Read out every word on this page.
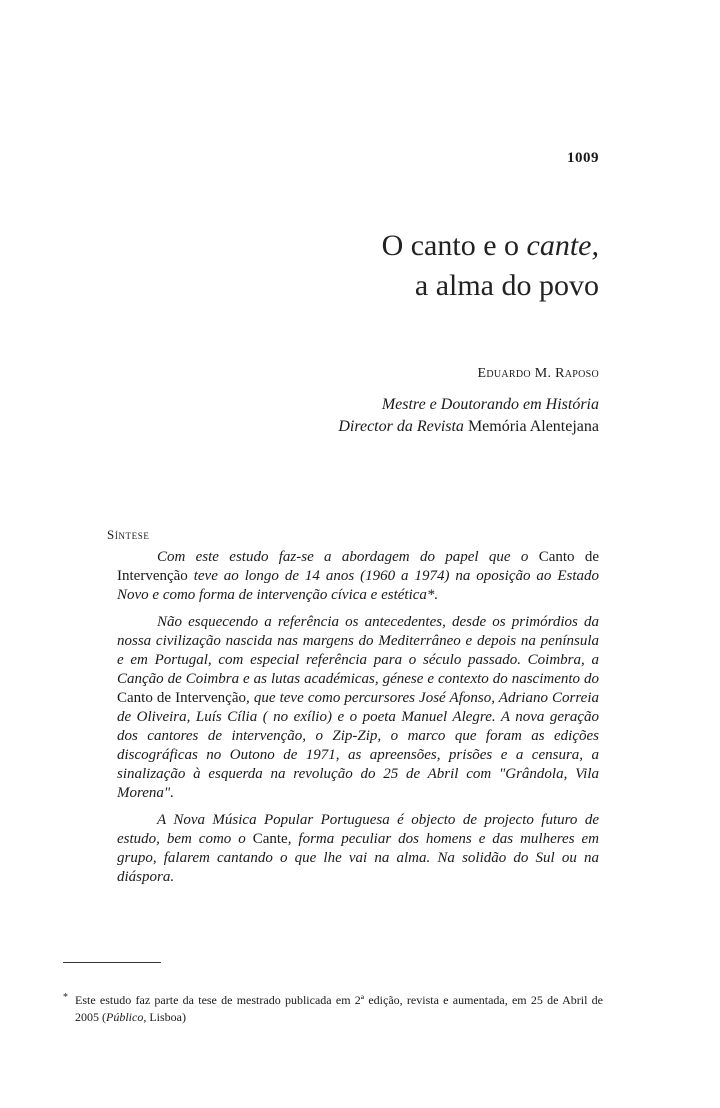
1009
O canto e o cante,
a alma do povo
Eduardo M. Raposo
Mestre e Doutorando em História
Director da Revista Memória Alentejana
Síntese

Com este estudo faz-se a abordagem do papel que o Canto de Intervenção teve ao longo de 14 anos (1960 a 1974) na oposição ao Estado Novo e como forma de intervenção cívica e estética*.

Não esquecendo a referência os antecedentes, desde os primórdios da nossa civilização nascida nas margens do Mediterrâneo e depois na península e em Portugal, com especial referência para o século passado. Coimbra, a Canção de Coimbra e as lutas académicas, génese e contexto do nascimento do Canto de Intervenção, que teve como percursores José Afonso, Adriano Correia de Oliveira, Luís Cília ( no exílio) e o poeta Manuel Alegre. A nova geração dos cantores de intervenção, o Zip-Zip, o marco que foram as edições discográficas no Outono de 1971, as apreensões, prisões e a censura, a sinalização à esquerda na revolução do 25 de Abril com "Grândola, Vila Morena".

A Nova Música Popular Portuguesa é objecto de projecto futuro de estudo, bem como o Cante, forma peculiar dos homens e das mulheres em grupo, falarem cantando o que lhe vai na alma. Na solidão do Sul ou na diáspora.

* Este estudo faz parte da tese de mestrado publicada em 2ª edição, revista e aumentada, em 25 de Abril de 2005 (Público, Lisboa)
